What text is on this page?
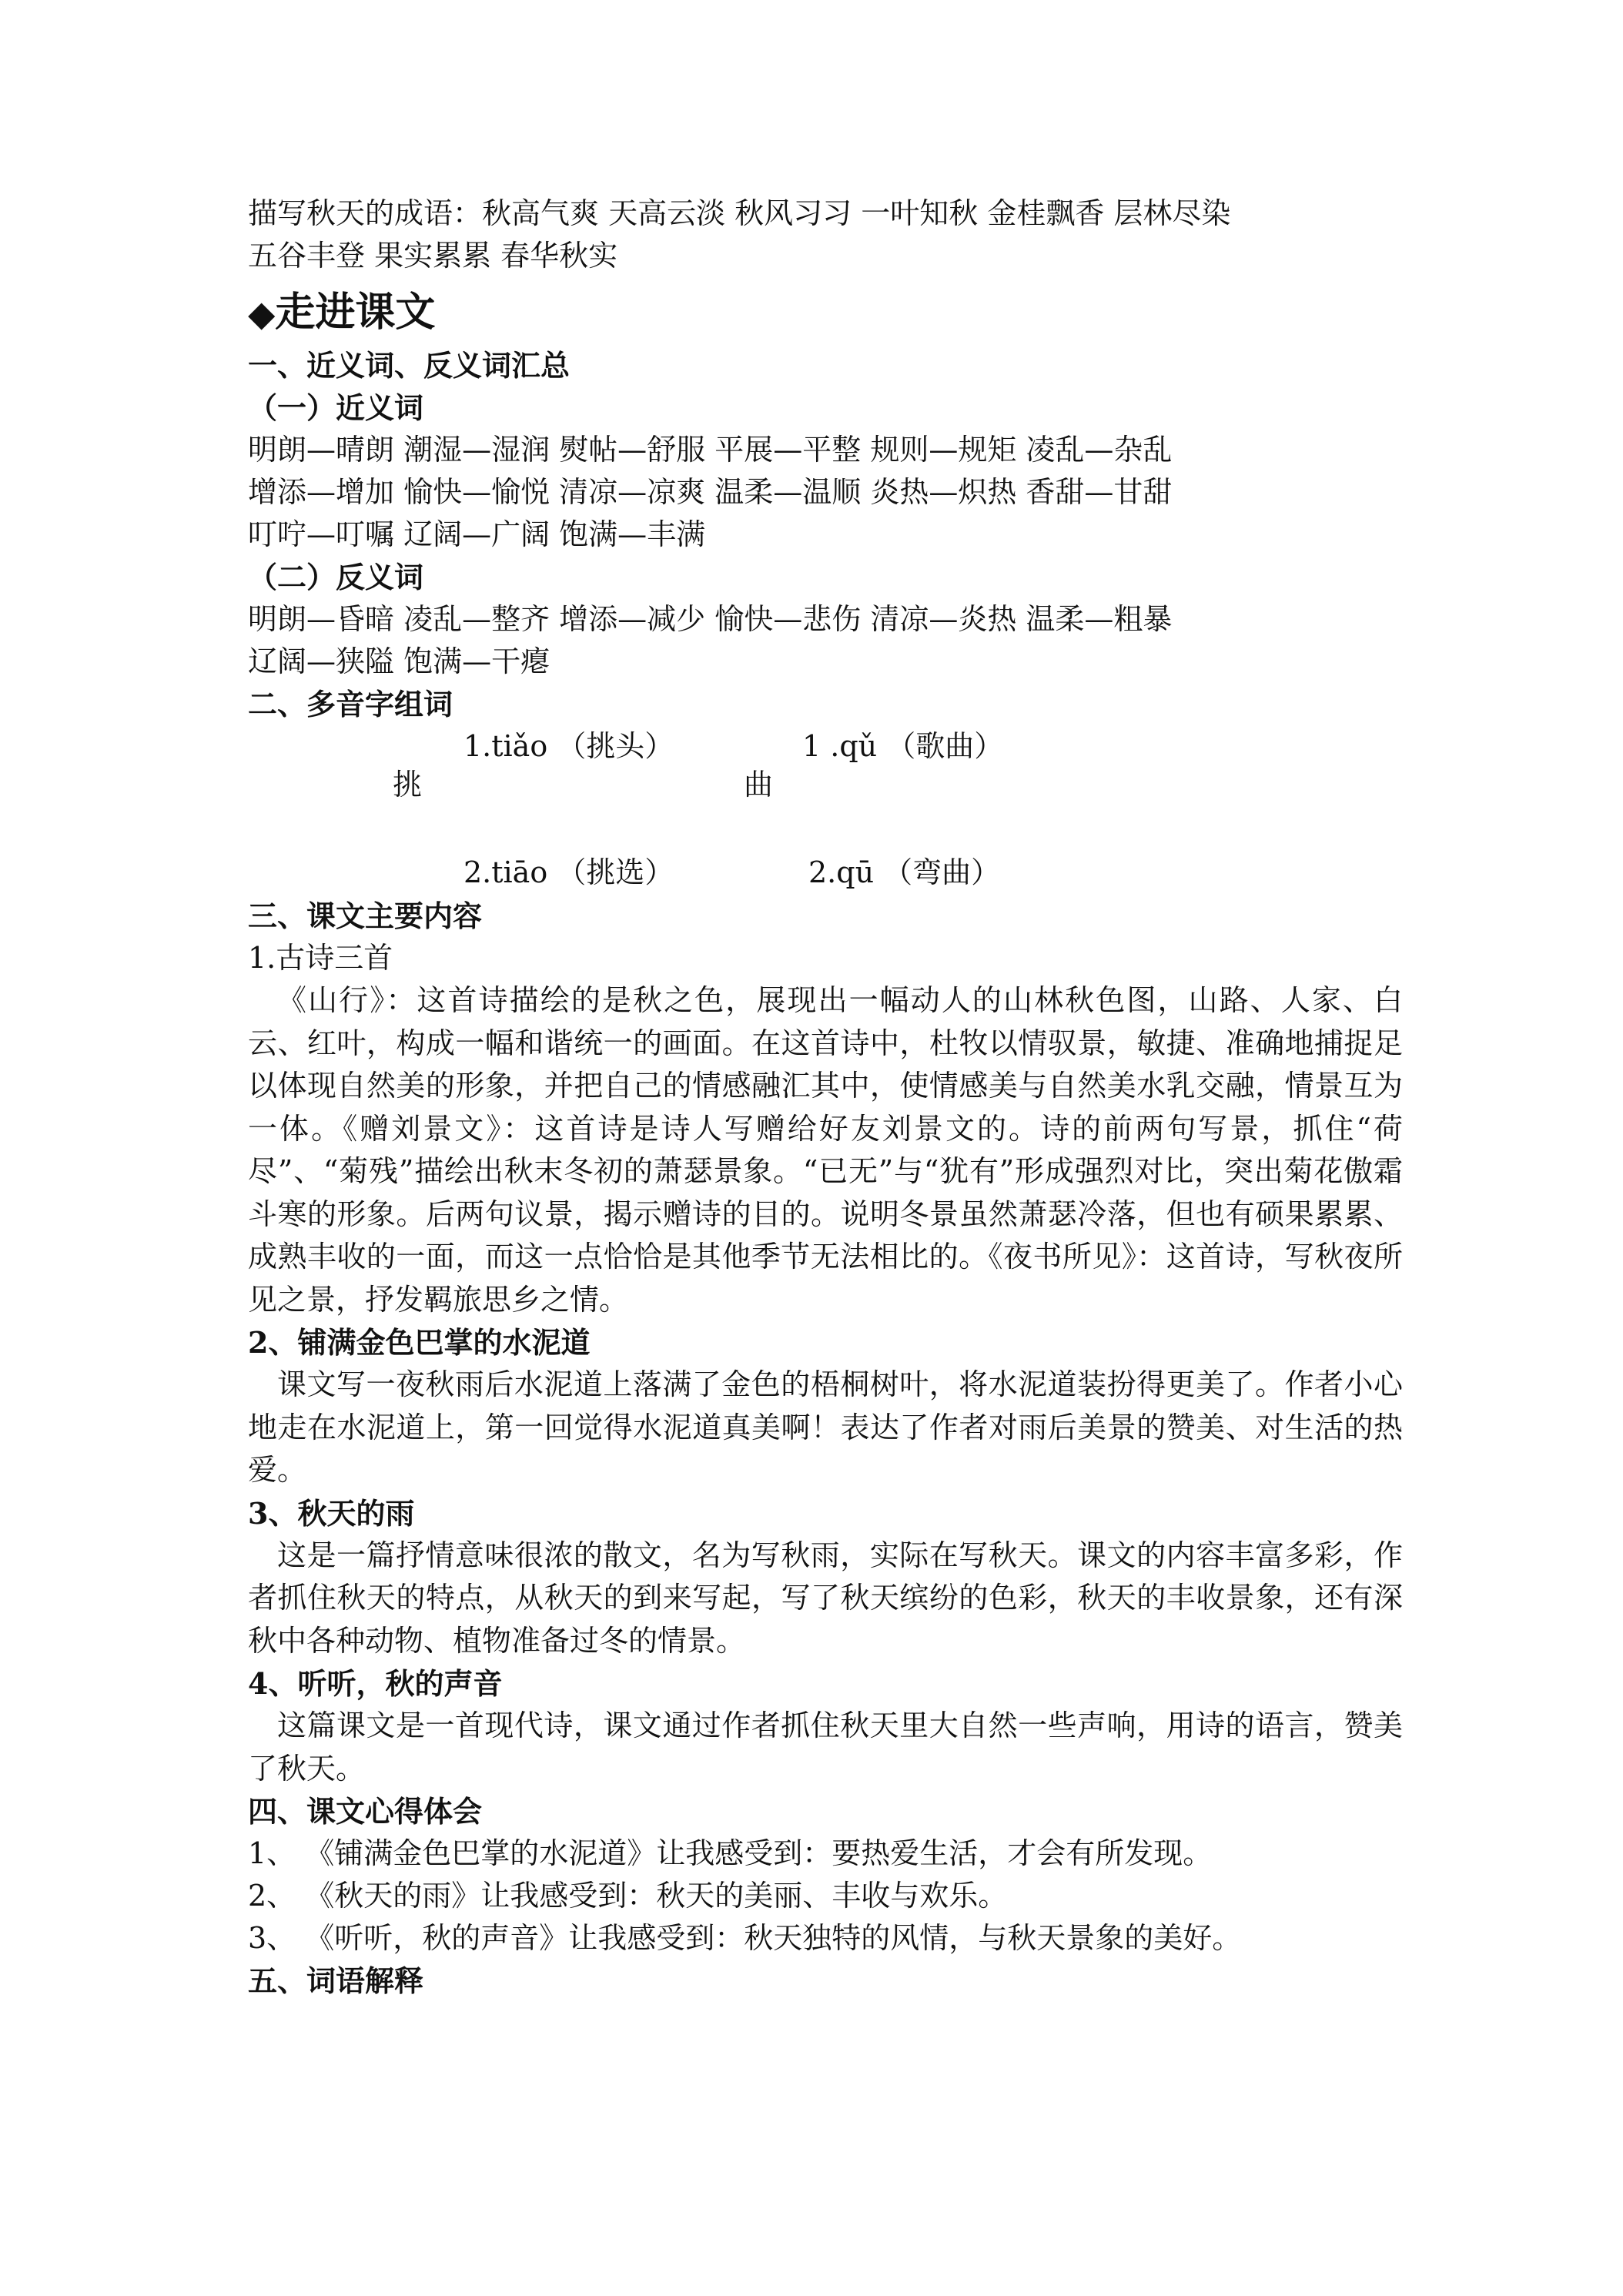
描写秋天的成语：秋高气爽 天高云淡 秋风习习 一叶知秋 金桂飘香 层林尽染

五谷丰登 果实累累 春华秋实

◆走进课文

一、近义词、反义词汇总

（一）近义词

明朗—晴朗 潮湿—湿润 熨帖—舒服 平展—平整 规则—规矩 凌乱—杂乱

增添—增加 愉快—愉悦 清凉—凉爽 温柔—温顺 炎热—炽热 香甜—甘甜

叮咛—叮嘱 辽阔—广阔 饱满—丰满

（二）反义词

明朗—昏暗 凌乱—整齐 增添—减少 愉快—悲伤 清凉—炎热 温柔—粗暴

辽阔—狭隘 饱满—干瘪

二、多音字组词

1.tiǎo （挑头）
挑
2.tiāo （挑选）
1 .qǔ （歌曲）
曲
2.qū （弯曲）

三、课文主要内容

1.古诗三首

《山行》：这首诗描绘的是秋之色，展现出一幅动人的山林秋色图，山路、人家、白云、红叶，构成一幅和谐统一的画面。在这首诗中，杜牧以情驭景，敏捷、准确地捕捉足以体现自然美的形象，并把自己的情感融汇其中，使情感美与自然美水乳交融，情景互为一体。《赠刘景文》：这首诗是诗人写赠给好友刘景文的。诗的前两句写景，抓住“荷尽”、“菊残”描绘出秋末冬初的萧瑟景象。“已无”与“犹有”形成强烈对比，突出菊花傲霜斗寒的形象。后两句议景，揭示赠诗的目的。说明冬景虽然萧瑟冷落，但也有硕果累累、成熟丰收的一面，而这一点恰恰是其他季节无法相比的。《夜书所见》：这首诗，写秋夜所见之景，抒发羁旅思乡之情。

2、铺满金色巴掌的水泥道

课文写一夜秋雨后水泥道上落满了金色的梧桐树叶，将水泥道装扮得更美了。作者小心 地走在水泥道上，第一回觉得水泥道真美啊！表达了作者对雨后美景的赞美、对生活的热爱。

3、秋天的雨

这是一篇抒情意味很浓的散文，名为写秋雨，实际在写秋天。课文的内容丰富多彩，作者抓住秋天的特点，从秋天的到来写起，写了秋天缤纷的色彩，秋天的丰收景象，还有深秋中各种动物、植物准备过冬的情景。

4、听听，秋的声音

这篇课文是一首现代诗，课文通过作者抓住秋天里大自然一些声响，用诗的语言，赞美了秋天。

四、课文心得体会

1、 《铺满金色巴掌的水泥道》让我感受到：要热爱生活，才会有所发现。

2、 《秋天的雨》让我感受到：秋天的美丽、丰收与欢乐。

3、 《听听，秋的声音》让我感受到：秋天独特的风情，与秋天景象的美好。

五、词语解释
